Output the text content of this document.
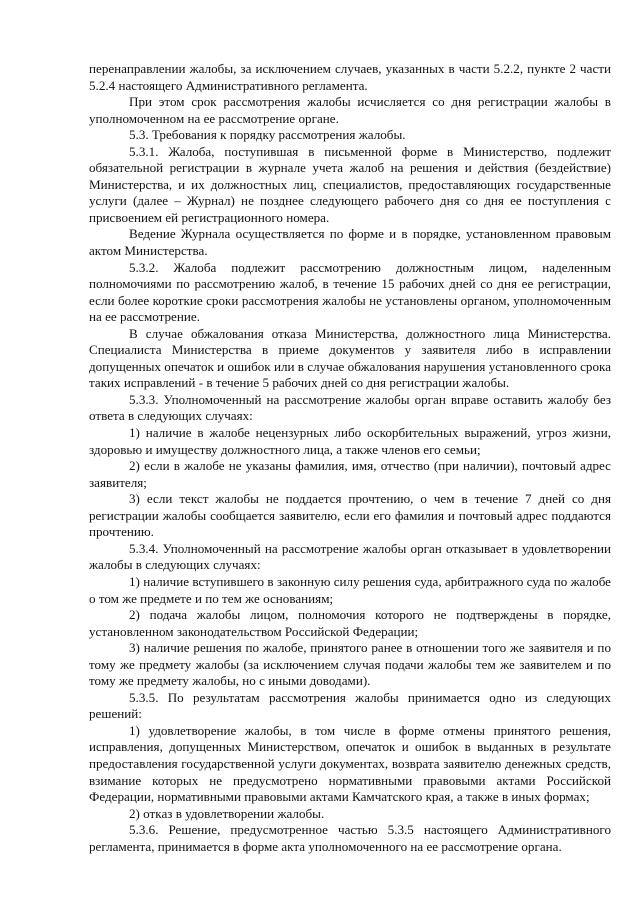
перенаправлении жалобы, за исключением случаев, указанных в части 5.2.2, пункте 2 части 5.2.4 настоящего Административного регламента.

При этом срок рассмотрения жалобы исчисляется со дня регистрации жалобы в уполномоченном на ее рассмотрение органе.

5.3. Требования к порядку рассмотрения жалобы.

5.3.1. Жалоба, поступившая в письменной форме в Министерство, подлежит обязательной регистрации в журнале учета жалоб на решения и действия (бездействие) Министерства, и их должностных лиц, специалистов, предоставляющих государственные услуги (далее – Журнал) не позднее следующего рабочего дня со дня ее поступления с присвоением ей регистрационного номера.

Ведение Журнала осуществляется по форме и в порядке, установленном правовым актом Министерства.

5.3.2. Жалоба подлежит рассмотрению должностным лицом, наделенным полномочиями по рассмотрению жалоб, в течение 15 рабочих дней со дня ее регистрации, если более короткие сроки рассмотрения жалобы не установлены органом, уполномоченным на ее рассмотрение.

В случае обжалования отказа Министерства, должностного лица Министерства. Специалиста Министерства в приеме документов у заявителя либо в исправлении допущенных опечаток и ошибок или в случае обжалования нарушения установленного срока таких исправлений - в течение 5 рабочих дней со дня регистрации жалобы.

5.3.3. Уполномоченный на рассмотрение жалобы орган вправе оставить жалобу без ответа в следующих случаях:

1) наличие в жалобе нецензурных либо оскорбительных выражений, угроз жизни, здоровью и имуществу должностного лица, а также членов его семьи;

2) если в жалобе не указаны фамилия, имя, отчество (при наличии), почтовый адрес заявителя;

3) если текст жалобы не поддается прочтению, о чем в течение 7 дней со дня регистрации жалобы сообщается заявителю, если его фамилия и почтовый адрес поддаются прочтению.

5.3.4. Уполномоченный на рассмотрение жалобы орган отказывает в удовлетворении жалобы в следующих случаях:

1) наличие вступившего в законную силу решения суда, арбитражного суда по жалобе о том же предмете и по тем же основаниям;

2) подача жалобы лицом, полномочия которого не подтверждены в порядке, установленном законодательством Российской Федерации;

3) наличие решения по жалобе, принятого ранее в отношении того же заявителя и по тому же предмету жалобы (за исключением случая подачи жалобы тем же заявителем и по тому же предмету жалобы, но с иными доводами).

5.3.5. По результатам рассмотрения жалобы принимается одно из следующих решений:

1) удовлетворение жалобы, в том числе в форме отмены принятого решения, исправления, допущенных Министерством, опечаток и ошибок в выданных в результате предоставления государственной услуги документах, возврата заявителю денежных средств, взимание которых не предусмотрено нормативными правовыми актами Российской Федерации, нормативными правовыми актами Камчатского края, а также в иных формах;

2) отказ в удовлетворении жалобы.

5.3.6. Решение, предусмотренное частью 5.3.5 настоящего Административного регламента, принимается в форме акта уполномоченного на ее рассмотрение органа.
